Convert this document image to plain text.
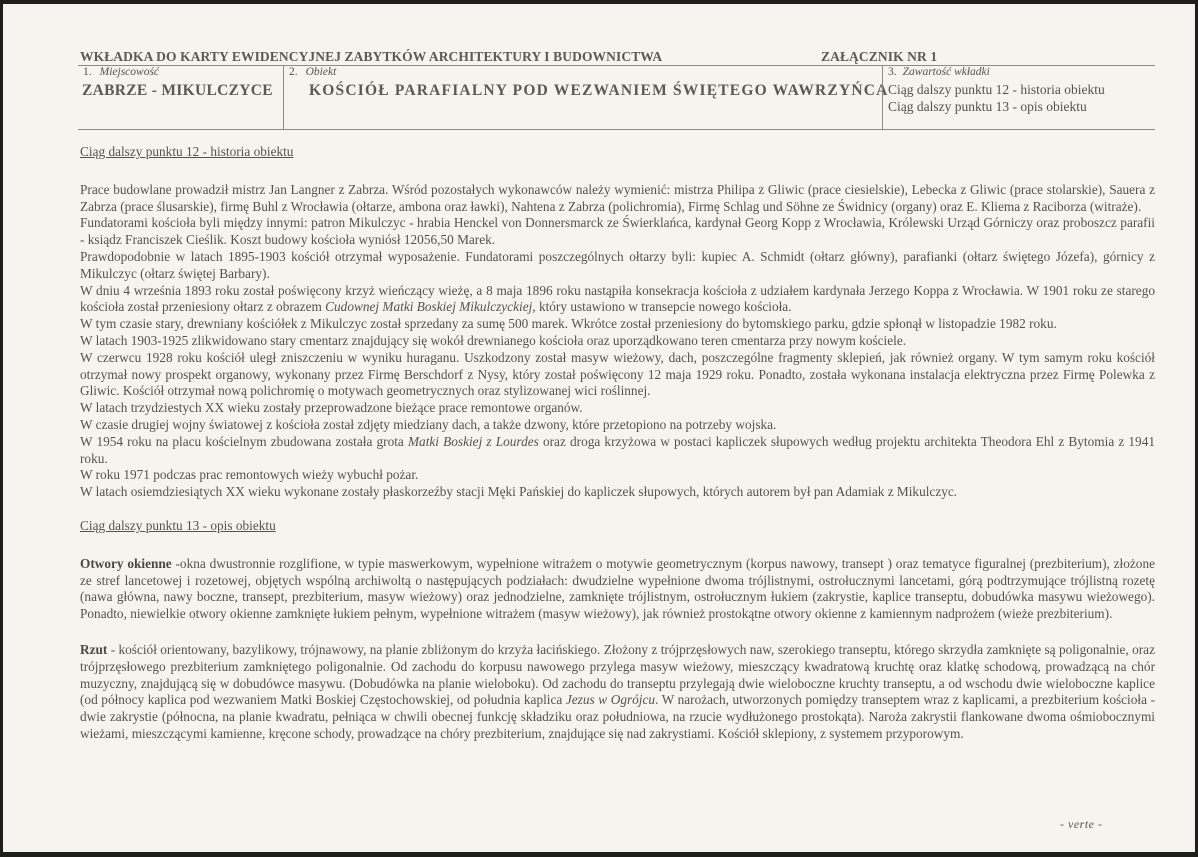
WKŁADKA DO KARTY EWIDENCYJNEJ ZABYTKÓW ARCHITEKTURY I BUDOWNICTWA	ZAŁĄCZNIK NR 1
1. Miejscowość
ZABRZE - MIKULCZYCE
2. Obiekt
KOŚCIÓŁ PARAFIALNY POD WEZWANIEM ŚWIĘTEGO WAWRZYŃCA
3. Zawartość wkładki
Ciąg dalszy punktu 12 - historia obiektu
Ciąg dalszy punktu 13 - opis obiektu
Ciąg dalszy punktu 12 - historia obiektu

Prace budowlane prowadził mistrz Jan Langner z Zabrza. Wśród pozostałych wykonawców należy wymienić: mistrza Philipa z Gliwic (prace ciesielskie), Lebecka z Gliwic (prace stolarskie), Sauera z Zabrza (prace ślusarskie), firmę Buhl z Wrocławia (ołtarze, ambona oraz ławki), Nahtena z Zabrza (polichromia), Firmę Schlag und Söhne ze Świdnicy (organy) oraz E. Kliema z Raciborza (witraże).

Fundatorami kościoła byli między innymi: patron Mikulczyc - hrabia Henckel von Donnersmarck ze Świerklańca, kardynał Georg Kopp z Wrocławia, Królewski Urząd Górniczy oraz proboszcz parafii - ksiądz Franciszek Cieślik. Koszt budowy kościoła wyniósł 12056,50 Marek.

Prawdopodobnie w latach 1895-1903 kościół otrzymał wyposażenie. Fundatorami poszczególnych ołtarzy byli: kupiec A. Schmidt (ołtarz główny), parafianki (ołtarz świętego Józefa), górnicy z Mikulczyc (ołtarz świętej Barbary).

W dniu 4 września 1893 roku został poświęcony krzyż wieńczący wieżę, a 8 maja 1896 roku nastąpiła konsekracja kościoła z udziałem kardynała Jerzego Koppa z Wrocławia. W 1901 roku ze starego kościoła został przeniesiony ołtarz z obrazem Cudownej Matki Boskiej Mikulczyckiej, który ustawiono w transepcie nowego kościoła.

W tym czasie stary, drewniany kościółek z Mikulczyc został sprzedany za sumę 500 marek. Wkrótce został przeniesiony do bytomskiego parku, gdzie spłonął w listopadzie 1982 roku.

W latach 1903-1925 zlikwidowano stary cmentarz znajdujący się wokół drewnianego kościoła oraz uporządkowano teren cmentarza przy nowym kościele.

W czerwcu 1928 roku kościół uległ zniszczeniu w wyniku huraganu. Uszkodzony został masyw wieżowy, dach, poszczególne fragmenty sklepień, jak również organy. W tym samym roku kościół otrzymał nowy prospekt organowy, wykonany przez Firmę Berschdorf z Nysy, który został poświęcony 12 maja 1929 roku. Ponadto, została wykonana instalacja elektryczna przez Firmę Polewka z Gliwic. Kościół otrzymał nową polichromię o motywach geometrycznych oraz stylizowanej wici roślinnej.

W latach trzydziestych XX wieku zostały przeprowadzone bieżące prace remontowe organów.

W czasie drugiej wojny światowej z kościoła został zdjęty miedziany dach, a także dzwony, które przetopiono na potrzeby wojska.

W 1954 roku na placu kościelnym zbudowana została grota Matki Boskiej z Lourdes oraz droga krzyżowa w postaci kapliczek słupowych według projektu architekta Theodora Ehl z Bytomia z 1941 roku.

W roku 1971 podczas prac remontowych wieży wybuchł pożar.

W latach osiemdziesiątych XX wieku wykonane zostały płaskorzeźby stacji Męki Pańskiej do kapliczek słupowych, których autorem był pan Adamiak z Mikulczyc.

Ciąg dalszy punktu 13 - opis obiektu

Otwory okienne -okna dwustronnie rozglifione, w typie maswerkowym, wypełnione witrażem o motywie geometrycznym (korpus nawowy, transept ) oraz tematyce figuralnej (prezbiterium), złożone ze stref lancetowej i rozetowej, objętych wspólną archiwoltą o następujących podziałach: dwudzielne wypełnione dwoma trójlistnymi, ostrołucznymi lancetami, górą podtrzymujące trójlistną rozetę (nawa główna, nawy boczne, transept, prezbiterium, masyw wieżowy) oraz jednodzielne, zamknięte trójlistnym, ostrołucznym łukiem (zakrystie, kaplice transeptu, dobudówka masywu wieżowego). Ponadto, niewielkie otwory okienne zamknięte łukiem pełnym, wypełnione witrażem (masyw wieżowy), jak również prostokątne otwory okienne z kamiennym nadprożem (wieże prezbiterium).

Rzut - kościół orientowany, bazylikowy, trójnawowy, na planie zbliżonym do krzyża łacińskiego. Złożony z trójprzęsłowych naw, szerokiego transeptu, którego skrzydła zamknięte są poligonalnie, oraz trójprzęsłowego prezbiterium zamkniętego poligonalnie. Od zachodu do korpusu nawowego przylega masyw wieżowy, mieszczący kwadratową kruchtę oraz klatkę schodową, prowadzącą na chór muzyczny, znajdującą się w dobudówce masywu. (Dobudówka na planie wieloboku). Od zachodu do transeptu przylegają dwie wieloboczne kruchty transeptu, a od wschodu dwie wieloboczne kaplice (od północy kaplica pod wezwaniem Matki Boskiej Częstochowskiej, od południa kaplica Jezus w Ogrójcu. W narożach, utworzonych pomiędzy transeptem wraz z kaplicami, a prezbiterium kościoła - dwie zakrystie (północna, na planie kwadratu, pełniąca w chwili obecnej funkcję składziku oraz południowa, na rzucie wydłużonego prostokąta). Naroża zakrystii flankowane dwoma ośmiobocznymi wieżami, mieszczącymi kamienne, kręcone schody, prowadzące na chóry prezbiterium, znajdujące się nad zakrystiami. Kościół sklepiony, z systemem przyporowym.

- verte -
